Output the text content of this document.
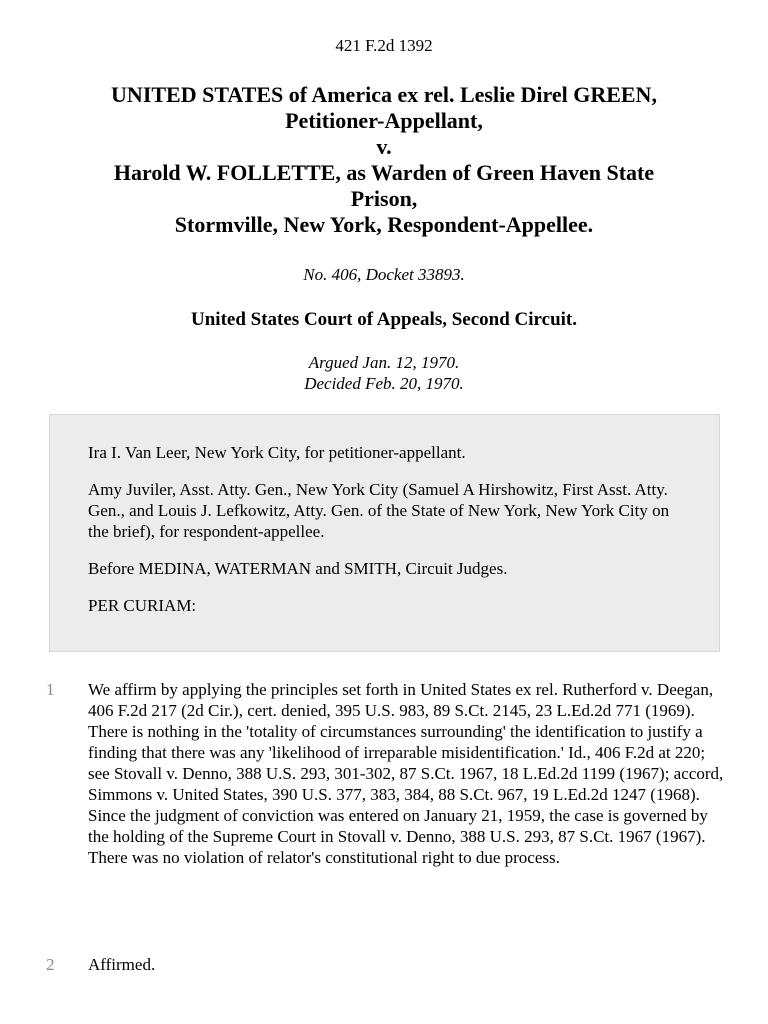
421 F.2d 1392
UNITED STATES of America ex rel. Leslie Direl GREEN,
Petitioner-Appellant,
v.
Harold W. FOLLETTE, as Warden of Green Haven State
Prison,
Stormville, New York, Respondent-Appellee.
No. 406, Docket 33893.
United States Court of Appeals, Second Circuit.
Argued Jan. 12, 1970.
Decided Feb. 20, 1970.

Ira I. Van Leer, New York City, for petitioner-appellant.

Amy Juviler, Asst. Atty. Gen., New York City (Samuel A Hirshowitz, First Asst. Atty. Gen., and Louis J. Lefkowitz, Atty. Gen. of the State of New York, New York City on the brief), for respondent-appellee.

Before MEDINA, WATERMAN and SMITH, Circuit Judges.

PER CURIAM:

1 We affirm by applying the principles set forth in United States ex rel. Rutherford v. Deegan, 406 F.2d 217 (2d Cir.), cert. denied, 395 U.S. 983, 89 S.Ct. 2145, 23 L.Ed.2d 771 (1969). There is nothing in the 'totality of circumstances surrounding' the identification to justify a finding that there was any 'likelihood of irreparable misidentification.' Id., 406 F.2d at 220; see Stovall v. Denno, 388 U.S. 293, 301-302, 87 S.Ct. 1967, 18 L.Ed.2d 1199 (1967); accord, Simmons v. United States, 390 U.S. 377, 383, 384, 88 S.Ct. 967, 19 L.Ed.2d 1247 (1968). Since the judgment of conviction was entered on January 21, 1959, the case is governed by the holding of the Supreme Court in Stovall v. Denno, 388 U.S. 293, 87 S.Ct. 1967 (1967). There was no violation of relator's constitutional right to due process.
2 Affirmed.
